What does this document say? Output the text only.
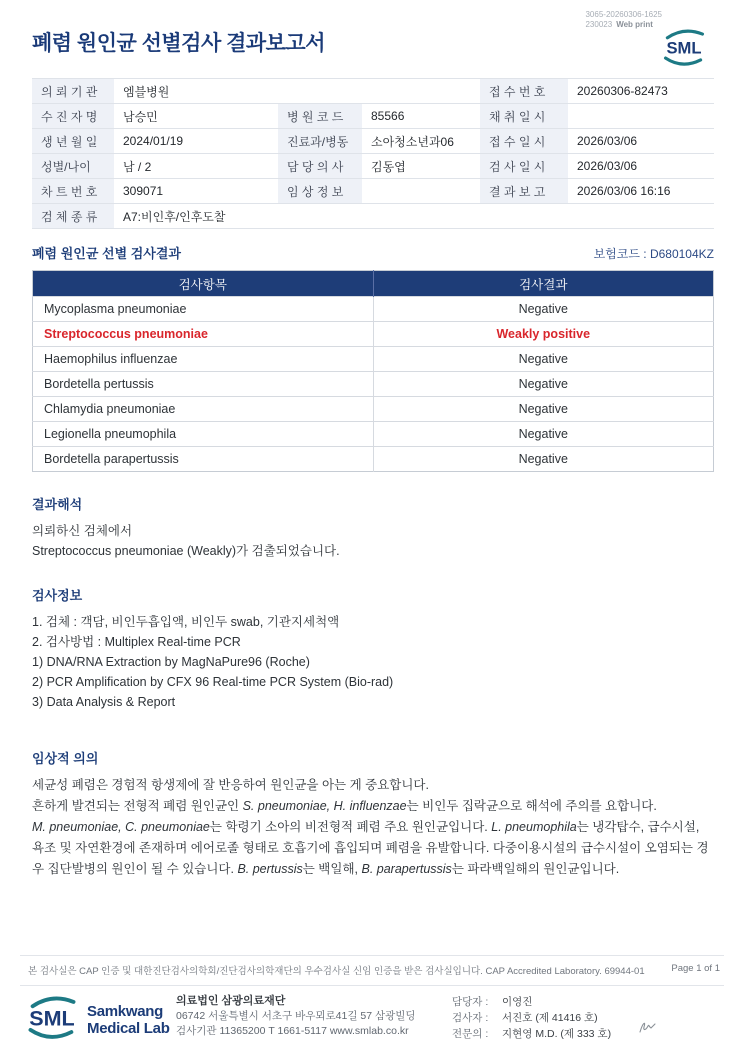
3065-20260306-1625
230023 Web print
SML
폐렴 원인균 선별검사 결과보고서
의 뢰 기 관	엠블병원			접 수 번 호	20260306-82473
수 진 자 명	남승민	병 원 코 드	85566	채 취 일 시	
생 년 월 일	2024/01/19	진료과/병동	소아청소년과06	접 수 일 시	2026/03/06
성별/나이	남 / 2	담 당 의 사	김동엽	검 사 일 시	2026/03/06
차 트 번 호	309071	임 상 정 보		결 과 보 고	2026/03/06 16:16
검 체 종 류	A7:비인후/인후도찰				
폐렴 원인균 선별 검사결과	보험코드 : D680104KZ
검사항목	검사결과
Mycoplasma pneumoniae	Negative
Streptococcus pneumoniae	Weakly positive
Haemophilus influenzae	Negative
Bordetella pertussis	Negative
Chlamydia pneumoniae	Negative
Legionella pneumophila	Negative
Bordetella parapertussis	Negative
결과해석
의뢰하신 검체에서
Streptococcus pneumoniae (Weakly)가 검출되었습니다.
검사정보
1. 검체 : 객담, 비인두흡입액, 비인두 swab, 기관지세척액
2. 검사방법 : Multiplex Real-time PCR
1) DNA/RNA Extraction by MagNaPure96 (Roche)
2) PCR Amplification by CFX 96 Real-time PCR System (Bio-rad)
3) Data Analysis & Report
임상적 의의

세균성 폐렴은 경험적 항생제에 잘 반응하여 원인균을 아는 게 중요합니다.

흔하게 발견되는 전형적 폐렴 원인균인 S. pneumoniae, H. influenzae는 비인두 집락균으로 해석에 주의를 요합니다.

M. pneumoniae, C. pneumoniae는 학령기 소아의 비전형적 폐렴 주요 원인균입니다. L. pneumophila는 냉각탑수, 급수시설, 욕조 및 자연환경에 존재하며 에어로졸 형태로 호흡기에 흡입되며 폐렴을 유발합니다. 다중이용시설의 급수시설이 오염되는 경우 집단발병의 원인이 될 수 있습니다. B. pertussis는 백일해, B. parapertussis는 파라백일해의 원인균입니다.

본 검사실은 CAP 인증 및 대한진단검사의학회/진단검사의학재단의 우수검사실 신임 인증을 받은 검사실입니다. CAP Accredited Laboratory. 69944-01	Page 1 of 1
SML Samkwang
Medical Lab
의료법인 삼광의료재단
06742 서울특별시 서초구 바우뫼로41길 57 삼광빌딩
검사기관 11365200 T 1661-5117 www.smlab.co.kr
담당자 :	이영진
검사자 :	서진호 (제 41416 호)
전문의 :	지현영 M.D. (제 333 호)
